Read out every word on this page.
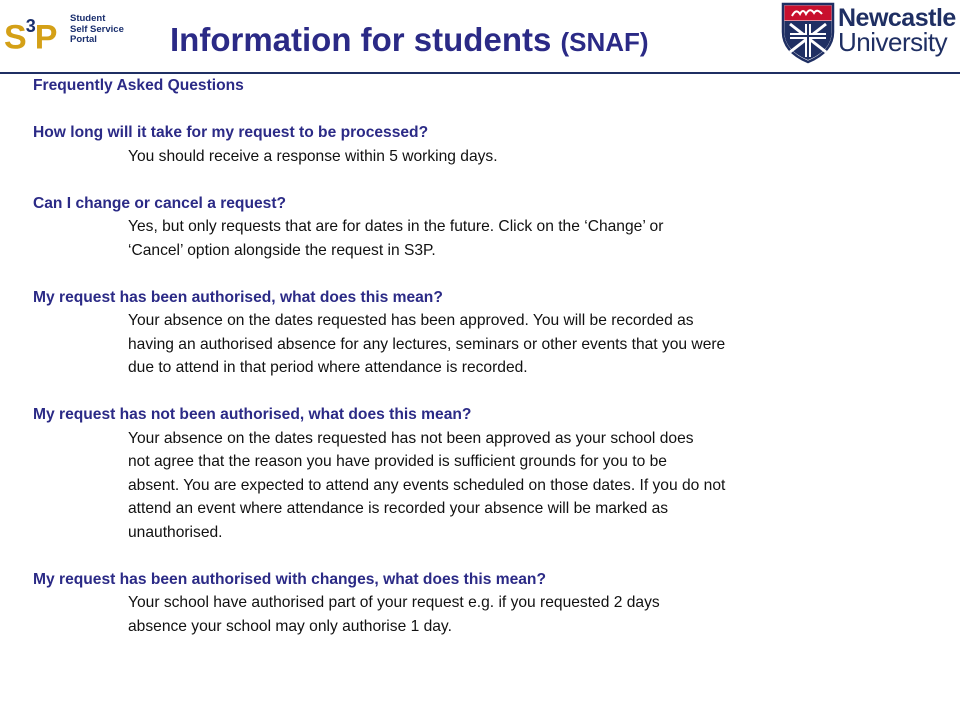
$S^3P$ Student
Self Service
Portal	Information for students (SNAF)
Newcastle
University

Frequently Asked Questions

How long will it take for my request to be processed?

You should receive a response within 5 working days.

Can I change or cancel a request?

Yes, but only requests that are for dates in the future. Click on the ‘Change’ or
‘Cancel’ option alongside the request in S3P.

My request has been authorised, what does this mean?

Your absence on the dates requested has been approved. You will be recorded as
having an authorised absence for any lectures, seminars or other events that you were
due to attend in that period where attendance is recorded.

My request has not been authorised, what does this mean?

Your absence on the dates requested has not been approved as your school does
not agree that the reason you have provided is sufficient grounds for you to be
absent. You are expected to attend any events scheduled on those dates. If you do not
attend an event where attendance is recorded your absence will be marked as
unauthorised.

My request has been authorised with changes, what does this mean?

Your school have authorised part of your request e.g. if you requested 2 days
absence your school may only authorise 1 day.
